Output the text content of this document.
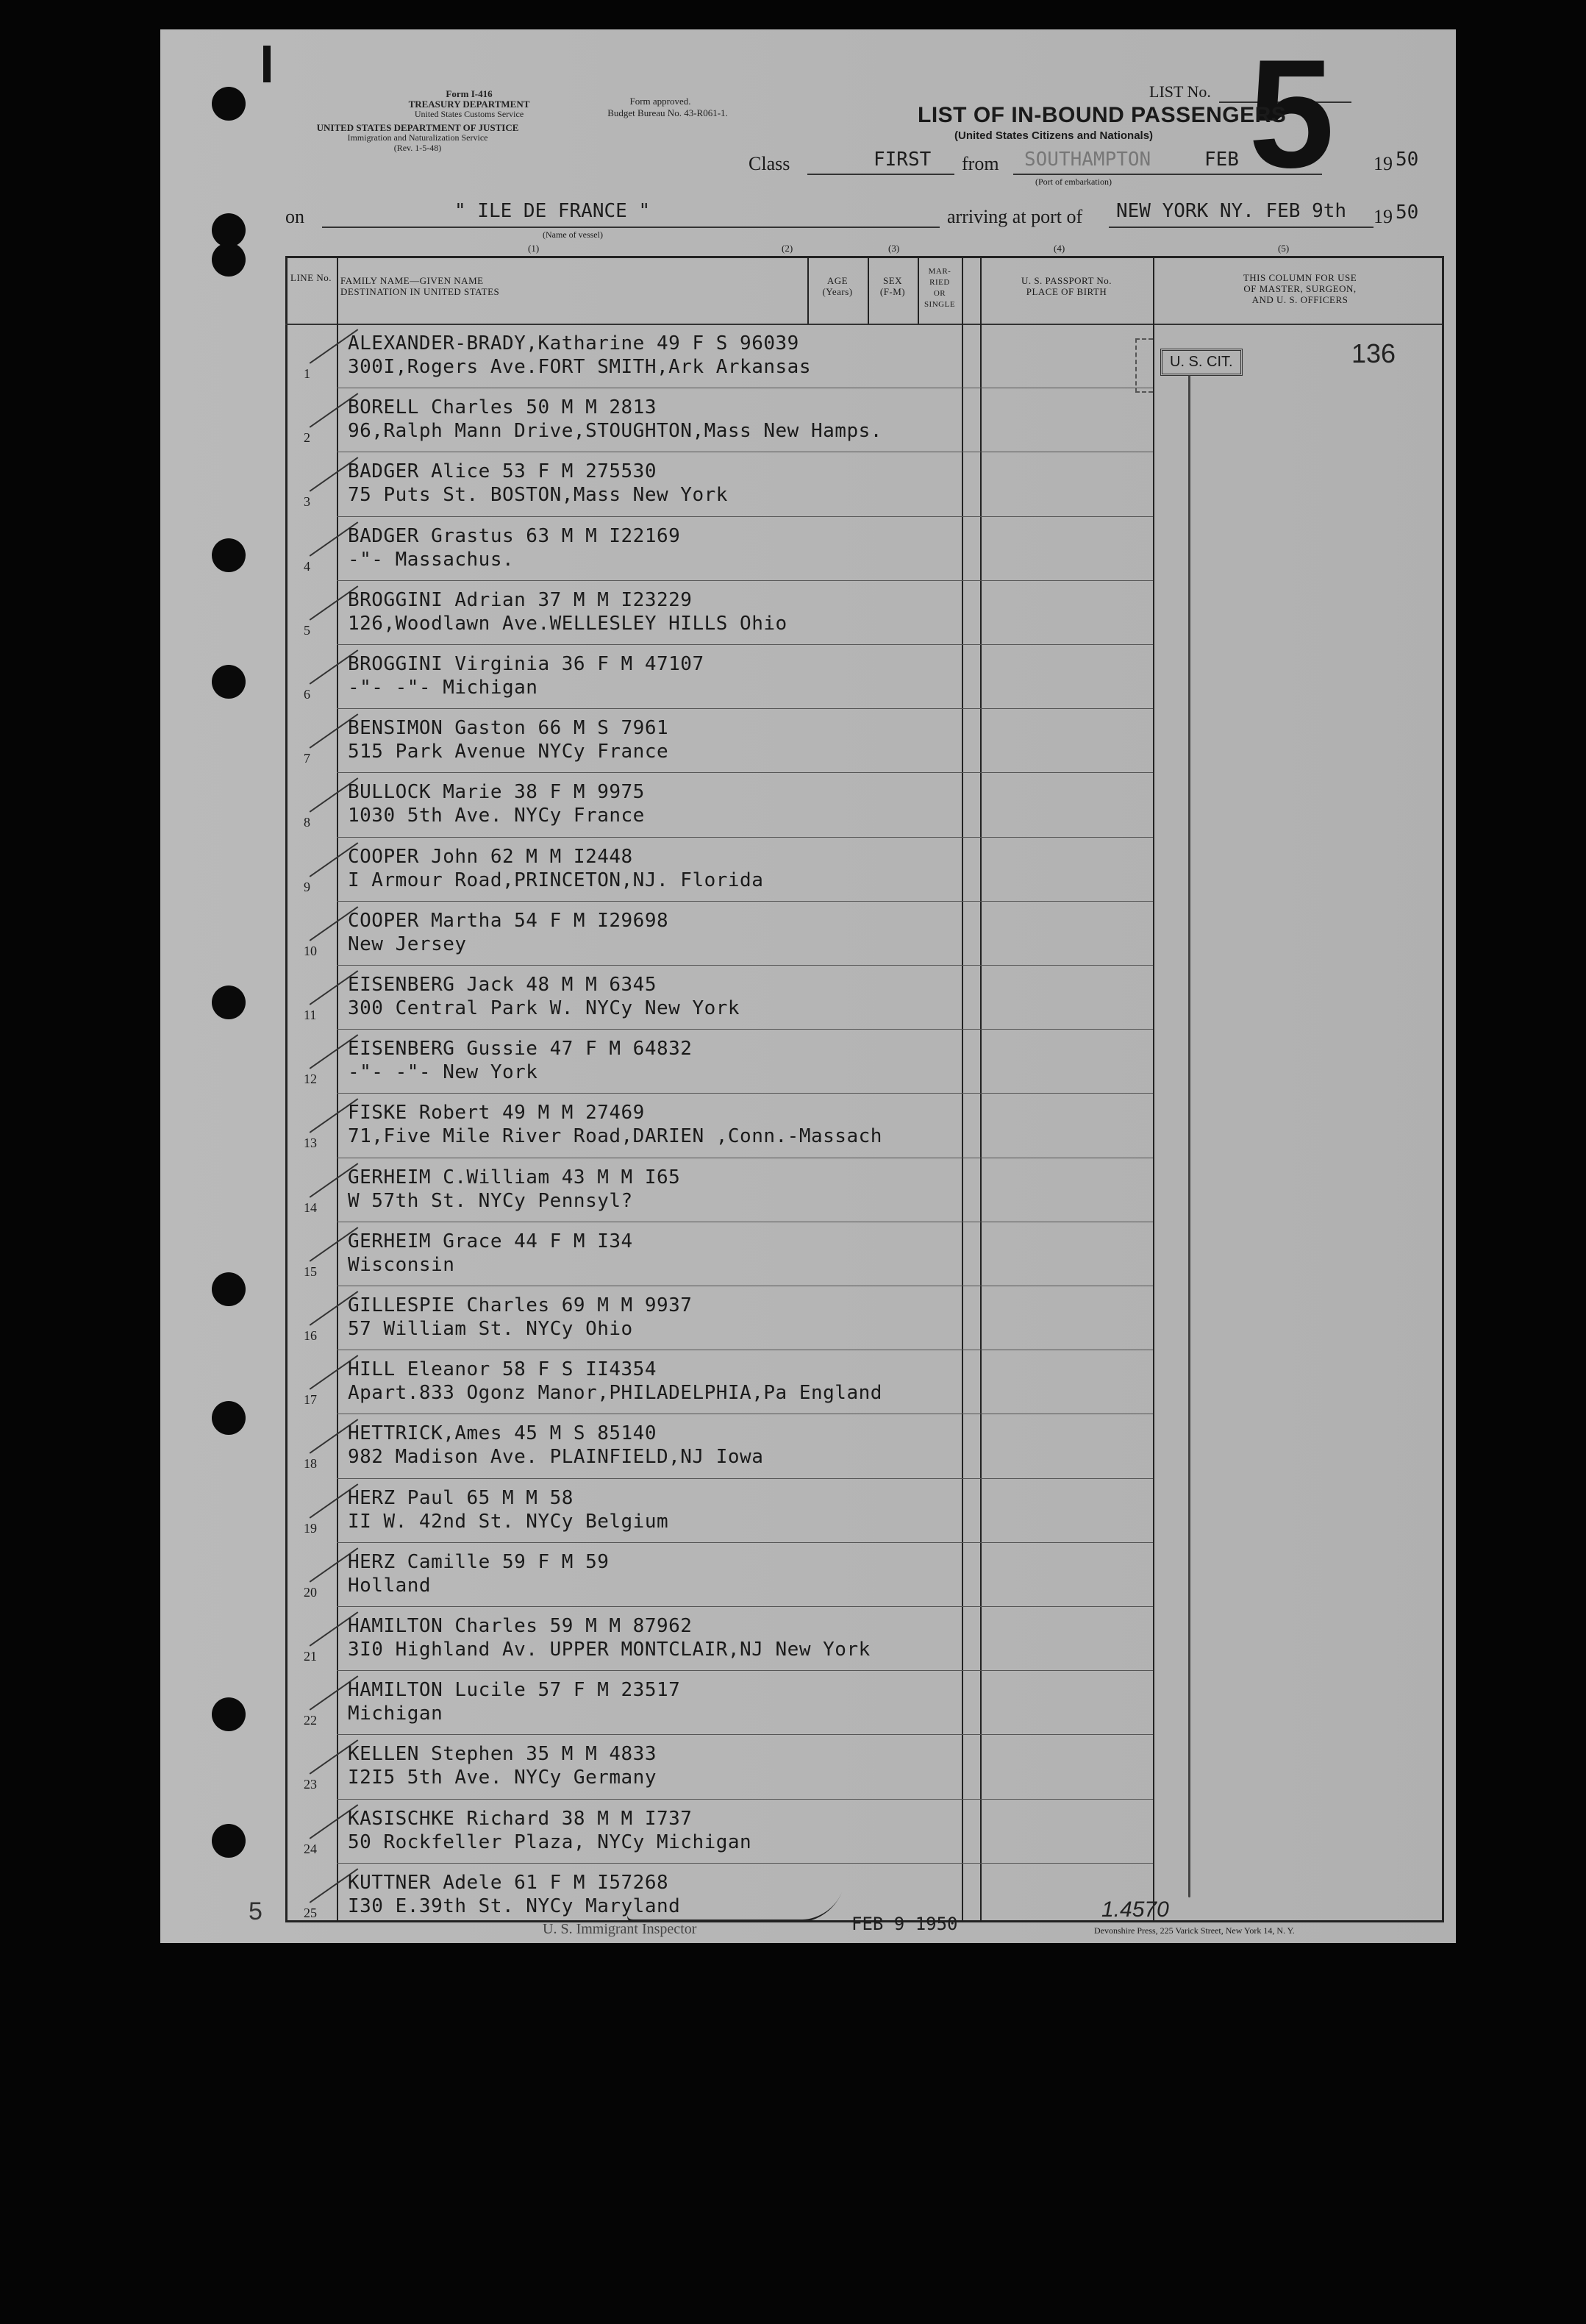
Form I-416
TREASURY DEPARTMENT
United States Customs Service
UNITED STATES DEPARTMENT OF JUSTICE
Immigration and Naturalization Service
(Rev. 1-5-48)
Form approved.
Budget Bureau No. 43-R061-1.
LIST No. 5
LIST OF IN-BOUND PASSENGERS
(United States Citizens and Nationals)
Class	FIRST from SOUTHAMPTON
(Port of embarkation)
FEB	19 50
on	" ILE DE FRANCE "
(Name of vessel)
arriving at port of NEW YORK NY. FEB 9th 19 50
(1)	(2)	(3)	(4)	(5)
LINE No. FAMILY NAME—GIVEN NAME
DESTINATION IN UNITED STATES
AGE
(Years)
SEX
(F-M)
MAR-
RIED
OR
SINGLE
U. S. PASSPORT No.
PLACE OF BIRTH
THIS COLUMN FOR USE
OF MASTER, SURGEON,
AND U. S. OFFICERS
1
ALEXANDER-BRADY,Katharine 49 F S 96039
300I,Rogers Ave.FORT SMITH,Ark Arkansas
2
BORELL Charles 50 M M 2813
96,Ralph Mann Drive,STOUGHTON,Mass New Hamps.
3
BADGER Alice 53 F M 275530
75 Puts St. BOSTON,Mass New York
4
BADGER Grastus 63 M M I22169
-"- Massachus.
5
BROGGINI Adrian 37 M M I23229
126,Woodlawn Ave.WELLESLEY HILLS Ohio
6
BROGGINI Virginia 36 F M 47107
-"- -"- Michigan
7
BENSIMON Gaston 66 M S 7961
515 Park Avenue NYCy France
8
BULLOCK Marie 38 F M 9975
1030 5th Ave. NYCy France
9
COOPER John 62 M M I2448
I Armour Road,PRINCETON,NJ. Florida
10
COOPER Martha 54 F M I29698
New Jersey
11
EISENBERG Jack 48 M M 6345
300 Central Park W. NYCy New York
12
EISENBERG Gussie 47 F M 64832
-"- -"- New York
13
FISKE Robert 49 M M 27469
71,Five Mile River Road,DARIEN ,Conn.-Massach
14
GERHEIM C.William 43 M M I65
W 57th St. NYCy Pennsyl?
15
GERHEIM Grace 44 F M I34
Wisconsin
16
GILLESPIE Charles 69 M M 9937
57 William St. NYCy Ohio
17
HILL Eleanor 58 F S II4354
Apart.833 Ogonz Manor,PHILADELPHIA,Pa England
18
HETTRICK,Ames 45 M S 85140
982 Madison Ave. PLAINFIELD,NJ Iowa
19
HERZ Paul 65 M M 58
II W. 42nd St. NYCy Belgium
20
HERZ Camille 59 F M 59
Holland
21
HAMILTON Charles 59 M M 87962
3I0 Highland Av. UPPER MONTCLAIR,NJ New York
22
HAMILTON Lucile 57 F M 23517
Michigan
23
KELLEN Stephen 35 M M 4833
I2I5 5th Ave. NYCy Germany
24
KASISCHKE Richard 38 M M I737
50 Rockfeller Plaza, NYCy Michigan
25
KUTTNER Adele 61 F M I57268
I30 E.39th St. NYCy Maryland
U. S. CIT.	136
1.4570
5
U. S. Immigrant Inspector	FEB 9 1950	Devonshire Press, 225 Varick Street, New York 14, N. Y.
